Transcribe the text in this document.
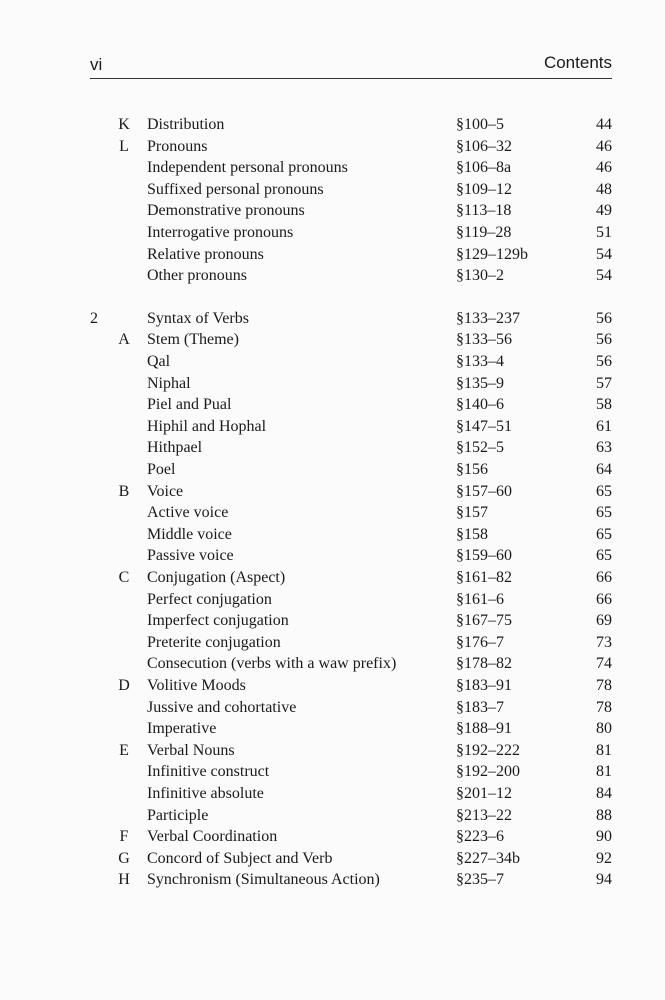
vi	Contents
K Distribution	§100–5	44
L Pronouns	§106–32	46
Independent personal pronouns	§106–8a	46
Suffixed personal pronouns	§109–12	48
Demonstrative pronouns	§113–18	49
Interrogative pronouns	§119–28	51
Relative pronouns	§129–129b	54
Other pronouns	§130–2	54
2	Syntax of Verbs	§133–237	56
A Stem (Theme)	§133–56	56
Qal	§133–4	56
Niphal	§135–9	57
Piel and Pual	§140–6	58
Hiphil and Hophal	§147–51	61
Hithpael	§152–5	63
Poel	§156	64
B Voice	§157–60	65
Active voice	§157	65
Middle voice	§158	65
Passive voice	§159–60	65
C Conjugation (Aspect)	§161–82	66
Perfect conjugation	§161–6	66
Imperfect conjugation	§167–75	69
Preterite conjugation	§176–7	73
Consecution (verbs with a waw prefix)	§178–82	74
D Volitive Moods	§183–91	78
Jussive and cohortative	§183–7	78
Imperative	§188–91	80
E Verbal Nouns	§192–222	81
Infinitive construct	§192–200	81
Infinitive absolute	§201–12	84
Participle	§213–22	88
F Verbal Coordination	§223–6	90
G Concord of Subject and Verb	§227–34b	92
H Synchronism (Simultaneous Action)	§235–7	94
